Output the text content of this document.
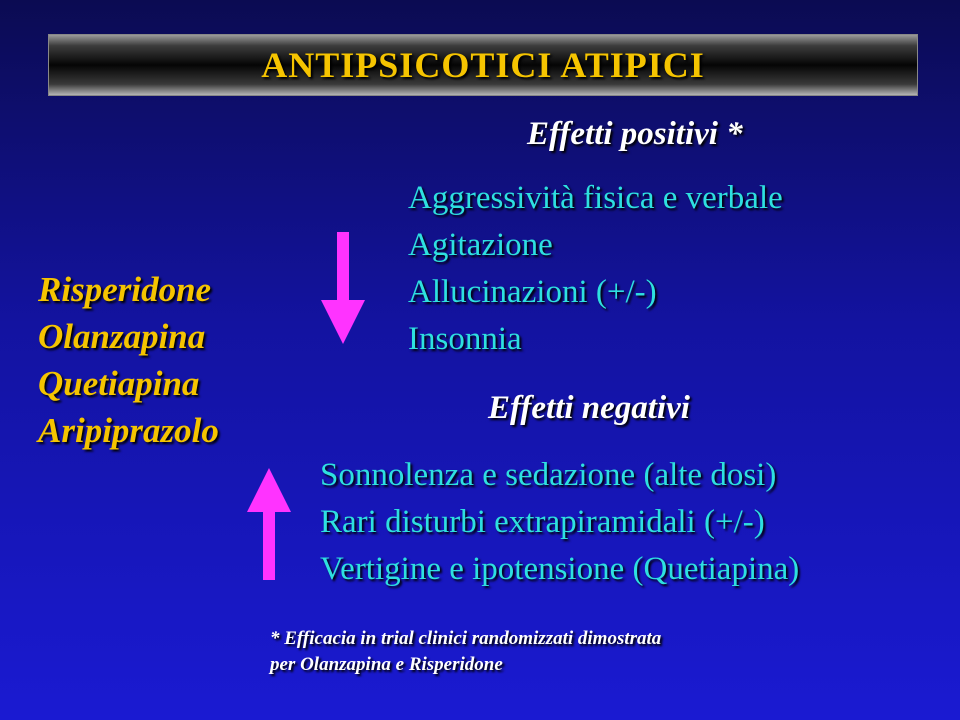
ANTIPSICOTICI ATIPICI
Effetti positivi *
Aggressività fisica e verbale
Agitazione
Allucinazioni (+/-)
Insonnia
Risperidone
Olanzapina
Quetiapina
Aripiprazolo
Effetti negativi
Sonnolenza e sedazione (alte dosi)
Rari disturbi extrapiramidali (+/-)
Vertigine e ipotensione (Quetiapina)
* Efficacia in trial clinici randomizzati dimostrata
per Olanzapina e Risperidone
